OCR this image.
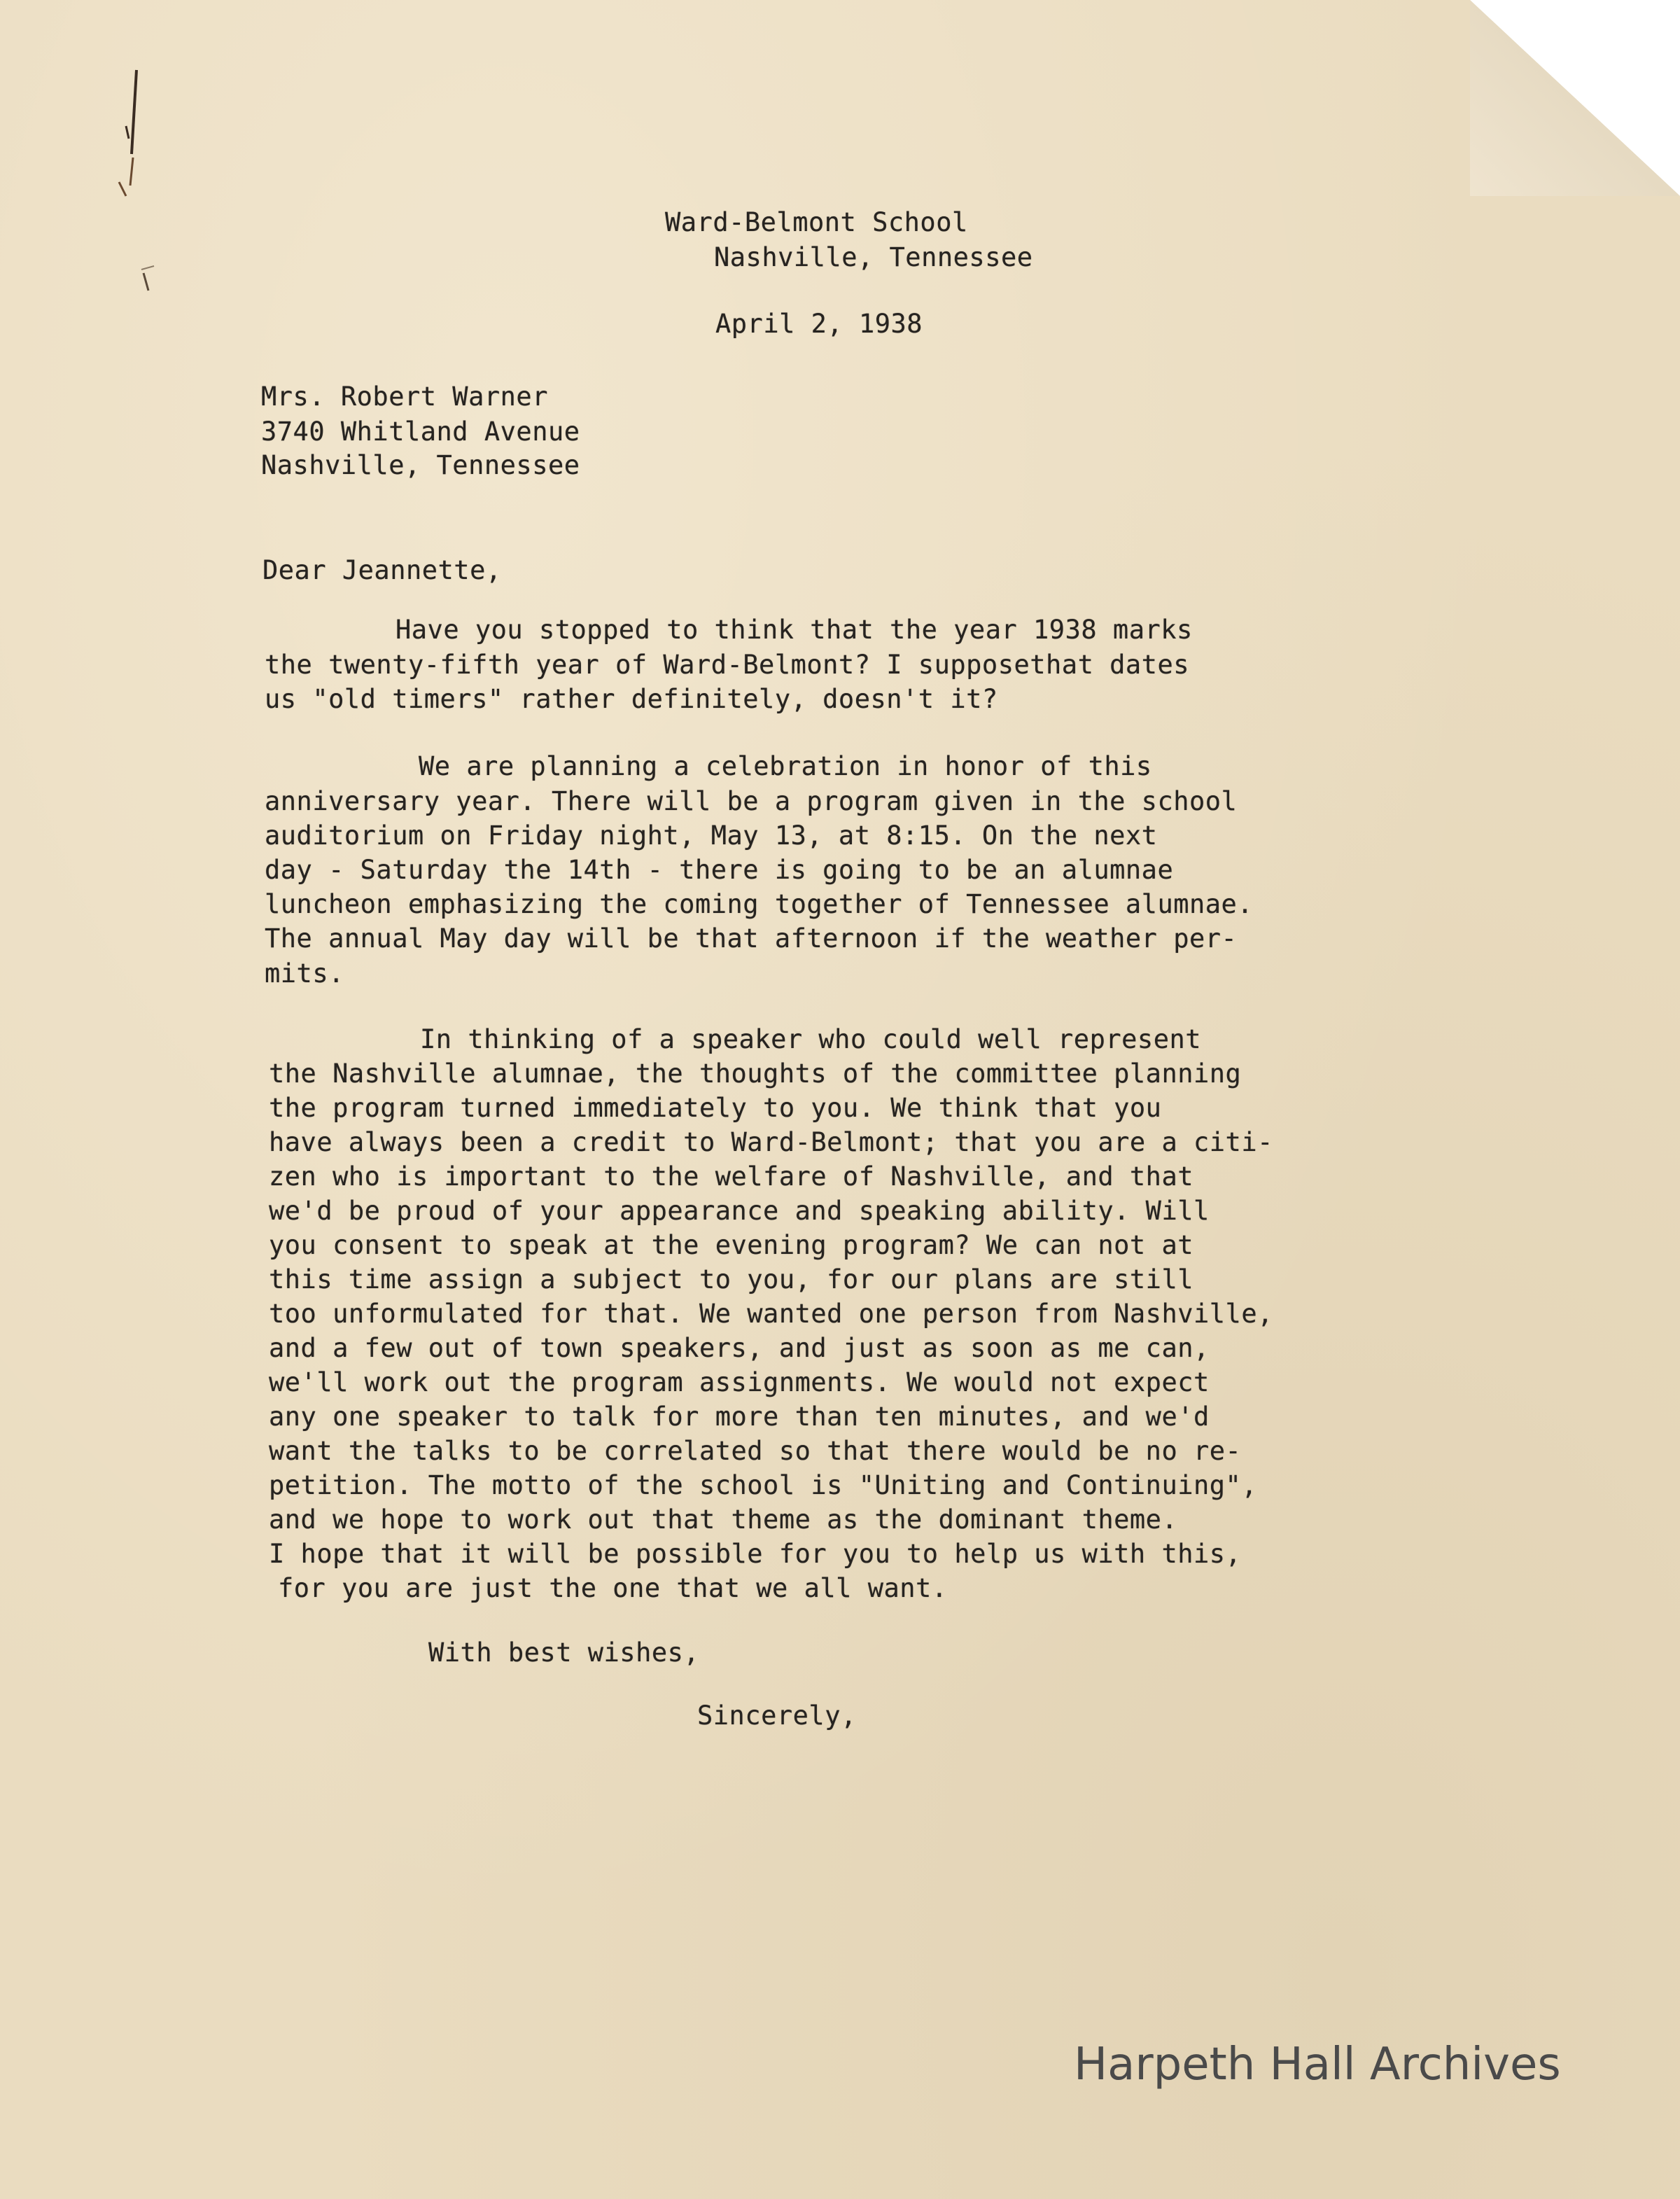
Ward-Belmont School
Nashville, Tennessee
April 2, 1938
Mrs. Robert Warner
3740 Whitland Avenue
Nashville, Tennessee
Dear Jeannette,
Have you stopped to think that the year 1938 marks
the twenty-fifth year of Ward-Belmont? I supposethat dates
us "old timers" rather definitely, doesn't it?
We are planning a celebration in honor of this
anniversary year. There will be a program given in the school
auditorium on Friday night, May 13, at 8:15. On the next
day - Saturday the 14th - there is going to be an alumnae
luncheon emphasizing the coming together of Tennessee alumnae.
The annual May day will be that afternoon if the weather per-
mits.
In thinking of a speaker who could well represent
the Nashville alumnae, the thoughts of the committee planning
the program turned immediately to you. We think that you
have always been a credit to Ward-Belmont; that you are a citi-
zen who is important to the welfare of Nashville, and that
we'd be proud of your appearance and speaking ability. Will
you consent to speak at the evening program? We can not at
this time assign a subject to you, for our plans are still
too unformulated for that. We wanted one person from Nashville,
and a few out of town speakers, and just as soon as me can,
we'll work out the program assignments. We would not expect
any one speaker to talk for more than ten minutes, and we'd
want the talks to be correlated so that there would be no re-
petition. The motto of the school is "Uniting and Continuing",
and we hope to work out that theme as the dominant theme.
I hope that it will be possible for you to help us with this,
for you are just the one that we all want.
With best wishes,
Sincerely,
Harpeth Hall Archives
